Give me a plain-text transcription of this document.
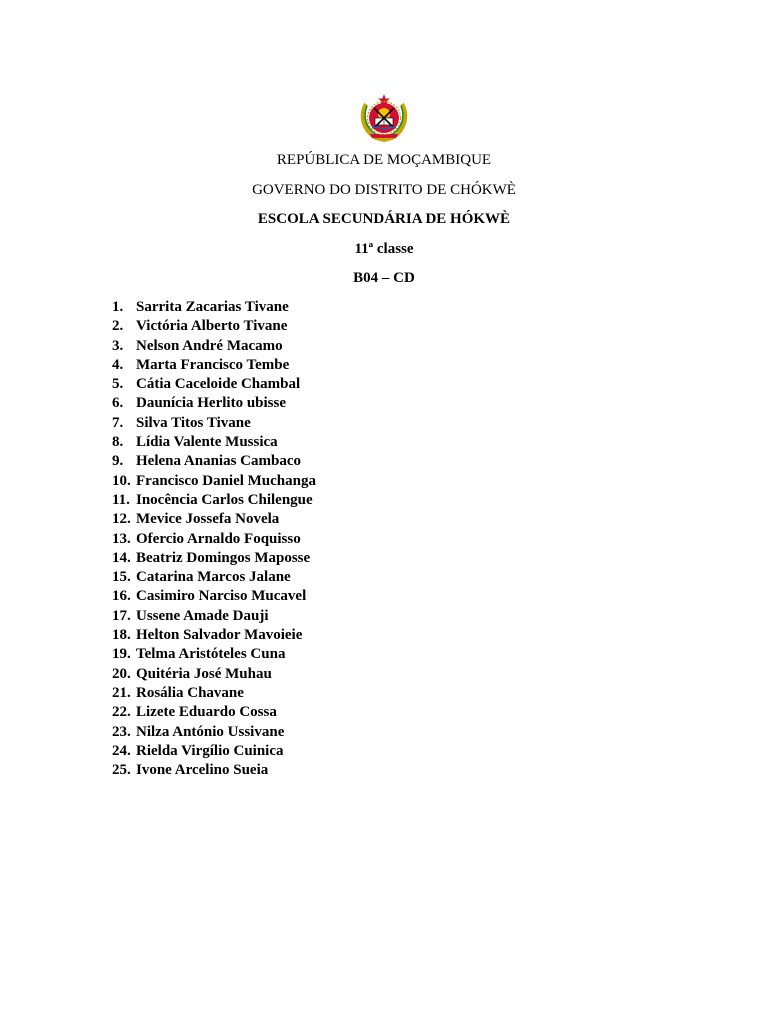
REPÚBLICA DE MOÇAMBIQUE
GOVERNO DO DISTRITO DE CHÓKWÈ
ESCOLA SECUNDÁRIA DE HÓKWÈ
11ª classe
B04 – CD
1. Sarrita Zacarias Tivane
2. Victória Alberto Tivane
3. Nelson André Macamo
4. Marta Francisco Tembe
5. Cátia Caceloide Chambal
6. Daunícia Herlito ubisse
7. Silva Titos Tivane
8. Lídia Valente Mussica
9. Helena Ananias Cambaco
10. Francisco Daniel Muchanga
11. Inocência Carlos Chilengue
12. Mevice Jossefa Novela
13. Ofercio Arnaldo Foquisso
14. Beatriz Domingos Maposse
15. Catarina Marcos Jalane
16. Casimiro Narciso Mucavel
17. Ussene Amade Dauji
18. Helton Salvador Mavoieie
19. Telma Aristóteles Cuna
20. Quitéria José Muhau
21. Rosália Chavane
22. Lizete Eduardo Cossa
23. Nilza António Ussivane
24. Rielda Virgílio Cuinica
25. Ivone Arcelino Sueia
